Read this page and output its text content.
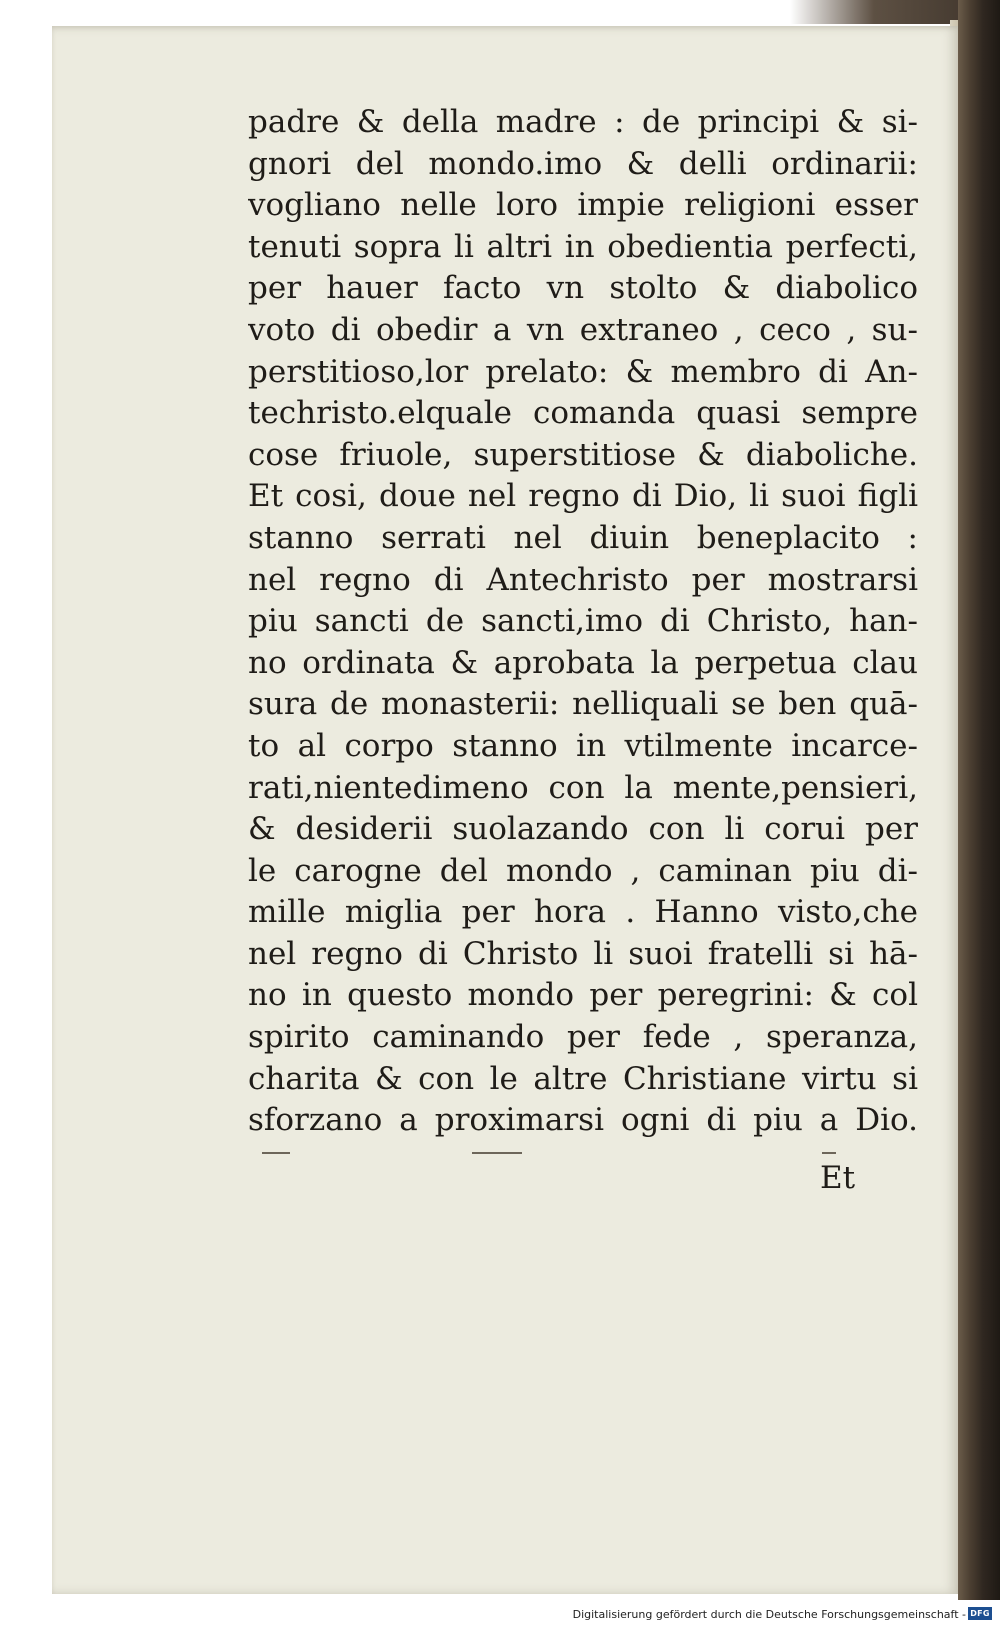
padre & della madre : de principi & si-
gnori del mondo.imo & delli ordinarii:
vogliano nelle loro impie religioni esser
tenuti sopra li altri in obedientia perfecti,
per hauer facto vn stolto & diabolico
voto di obedir a vn extraneo , ceco , su-
perstitioso,lor prelato: & membro di An-
techristo.elquale comanda quasi sempre
cose friuole, superstitiose & diaboliche.
Et cosi, doue nel regno di Dio, li suoi figli
stanno serrati nel diuin beneplacito :
nel regno di Antechristo per mostrarsi
piu sancti de sancti,imo di Christo, han-
no ordinata & aprobata la perpetua clau
sura de monasterii: nelliquali se ben quā-
to al corpo stanno in vtilmente incarce-
rati,nientedimeno con la mente,pensieri,
& desiderii suolazando con li corui per
le carogne del mondo , caminan piu di-
mille miglia per hora . Hanno visto,che
nel regno di Christo li suoi fratelli si hā-
no in questo mondo per peregrini: & col
spirito caminando per fede , speranza,
charita & con le altre Christiane virtu si
sforzano a proximarsi ogni di piu a Dio.
Et
Digitalisierung gefördert durch die Deutsche Forschungsgemeinschaft - DFG
